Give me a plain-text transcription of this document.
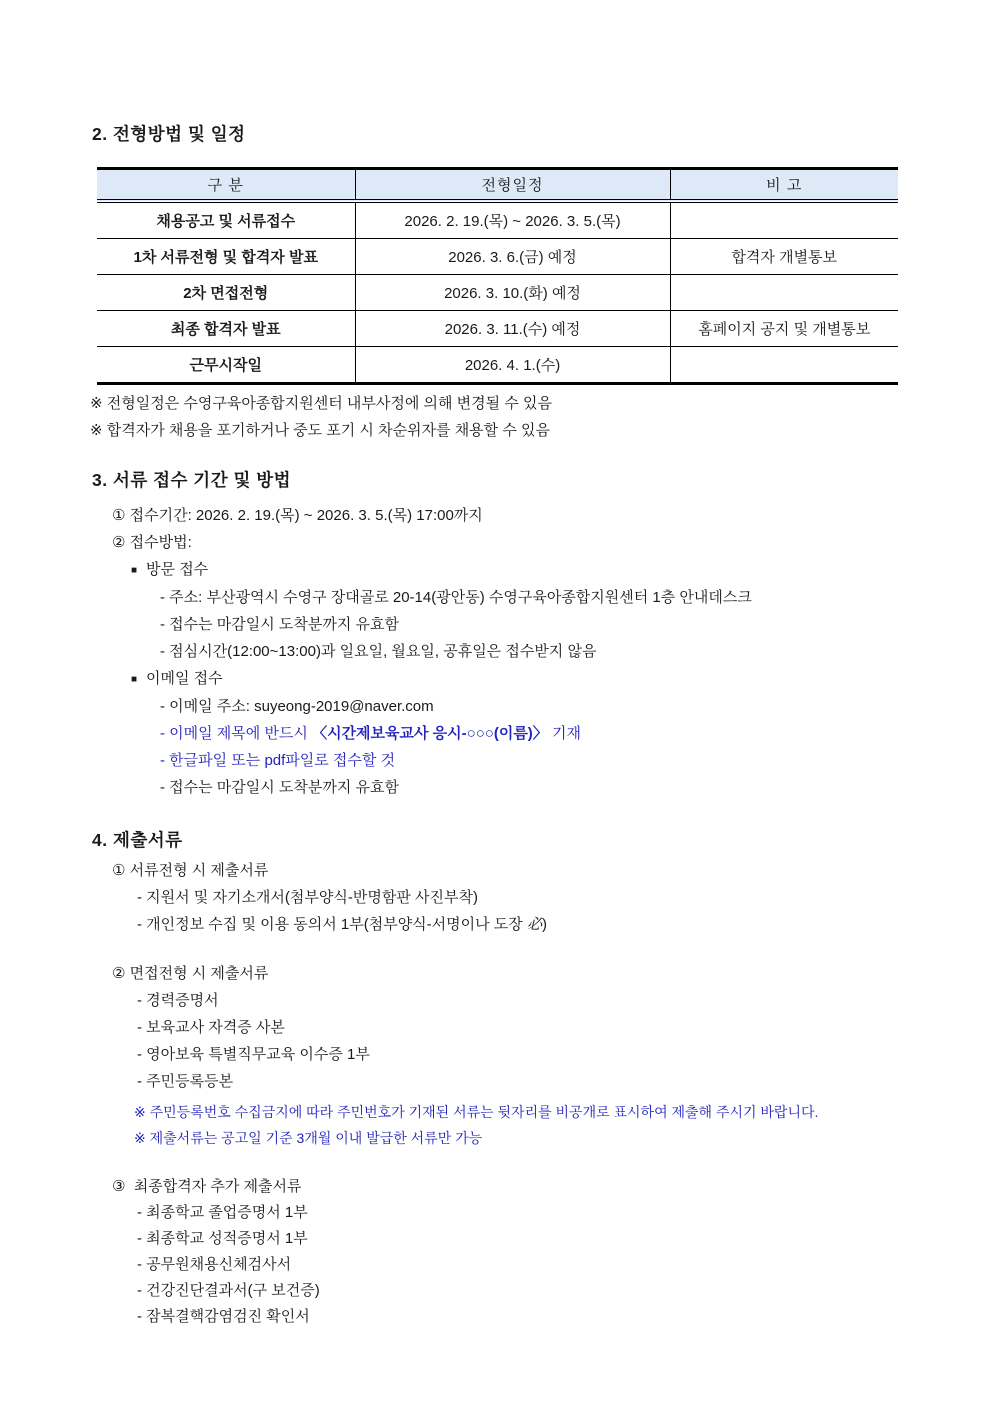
2. 전형방법 및 일정
구 분	전형일정	비 고
채용공고 및 서류접수	2026. 2. 19.(목) ~ 2026. 3. 5.(목)	
1차 서류전형 및 합격자 발표	2026. 3. 6.(금) 예정	합격자 개별통보
2차 면접전형	2026. 3. 10.(화) 예정	
최종 합격자 발표	2026. 3. 11.(수) 예정	홈페이지 공지 및 개별통보
근무시작일	2026. 4. 1.(수)	
※ 전형일정은 수영구육아종합지원센터 내부사정에 의해 변경될 수 있음
※ 합격자가 채용을 포기하거나 중도 포기 시 차순위자를 채용할 수 있음
3. 서류 접수 기간 및 방법
① 접수기간: 2026. 2. 19.(목) ~ 2026. 3. 5.(목) 17:00까지
② 접수방법:
■ 방문 접수
- 주소: 부산광역시 수영구 장대골로 20-14(광안동) 수영구육아종합지원센터 1층 안내데스크
- 접수는 마감일시 도착분까지 유효함
- 점심시간(12:00~13:00)과 일요일, 월요일, 공휴일은 접수받지 않음
■ 이메일 접수
- 이메일 주소: suyeong-2019@naver.com
- 이메일 제목에 반드시 〈시간제보육교사 응시-○○○(이름)〉 기재
- 한글파일 또는 pdf파일로 접수할 것
- 접수는 마감일시 도착분까지 유효함
4. 제출서류
① 서류전형 시 제출서류
- 지원서 및 자기소개서(첨부양식-반명함판 사진부착)
- 개인정보 수집 및 이용 동의서 1부(첨부양식-서명이나 도장 必)
② 면접전형 시 제출서류
- 경력증명서
- 보육교사 자격증 사본
- 영아보육 특별직무교육 이수증 1부
- 주민등록등본
※ 주민등록번호 수집금지에 따라 주민번호가 기재된 서류는 뒷자리를 비공개로 표시하여 제출해 주시기 바랍니다.
※ 제출서류는 공고일 기준 3개월 이내 발급한 서류만 가능
③  최종합격자 추가 제출서류
- 최종학교 졸업증명서 1부
- 최종학교 성적증명서 1부
- 공무원채용신체검사서
- 건강진단결과서(구 보건증)
- 잠복결핵감염검진 확인서
